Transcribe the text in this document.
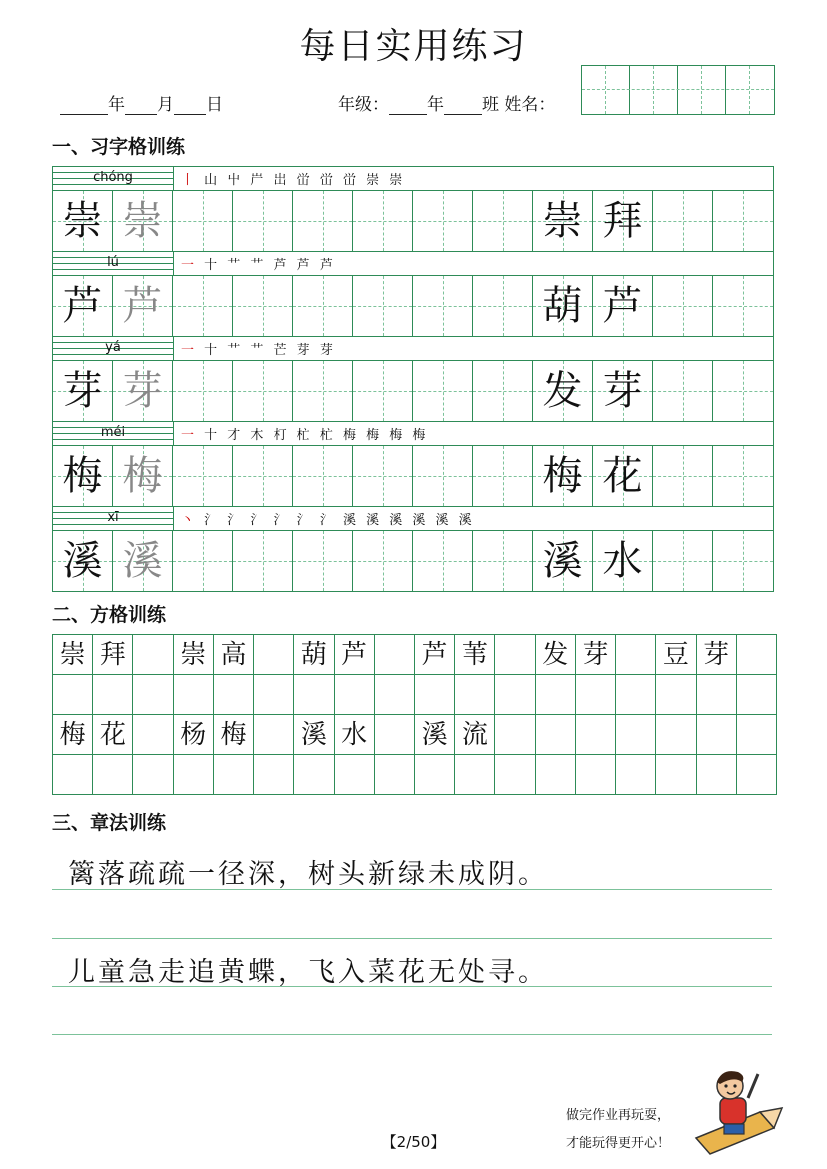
每日实用练习
年 月 日	年级： 年 班 姓名：
一、习字格训练
chóng	丨 山 屮 屵 岀 峃 峃 峃 崇 崇
崇 崇	崇 拜
lú	一 十 艹 艹 芦 芦 芦
芦 芦	葫 芦
yá	一 十 艹 艹 芒 芽 芽
芽 芽	发 芽
méi	一 十 才 木 朾 杧 杧 梅 梅 梅 梅
梅 梅	梅 花
xī	丶 氵 氵 氵 氵 氵 氵 溪 溪 溪 溪 溪 溪
溪 溪	溪 水
二、方格训练
崇 拜 崇 高 葫 芦 芦 苇 发 芽 豆 芽
梅 花 杨 梅 溪 水 溪 流
三、章法训练
篱落疏疏一径深，树头新绿未成阴。
儿童急走追黄蝶，飞入菜花无处寻。
做完作业再玩耍，
才能玩得更开心！
【2/50】
